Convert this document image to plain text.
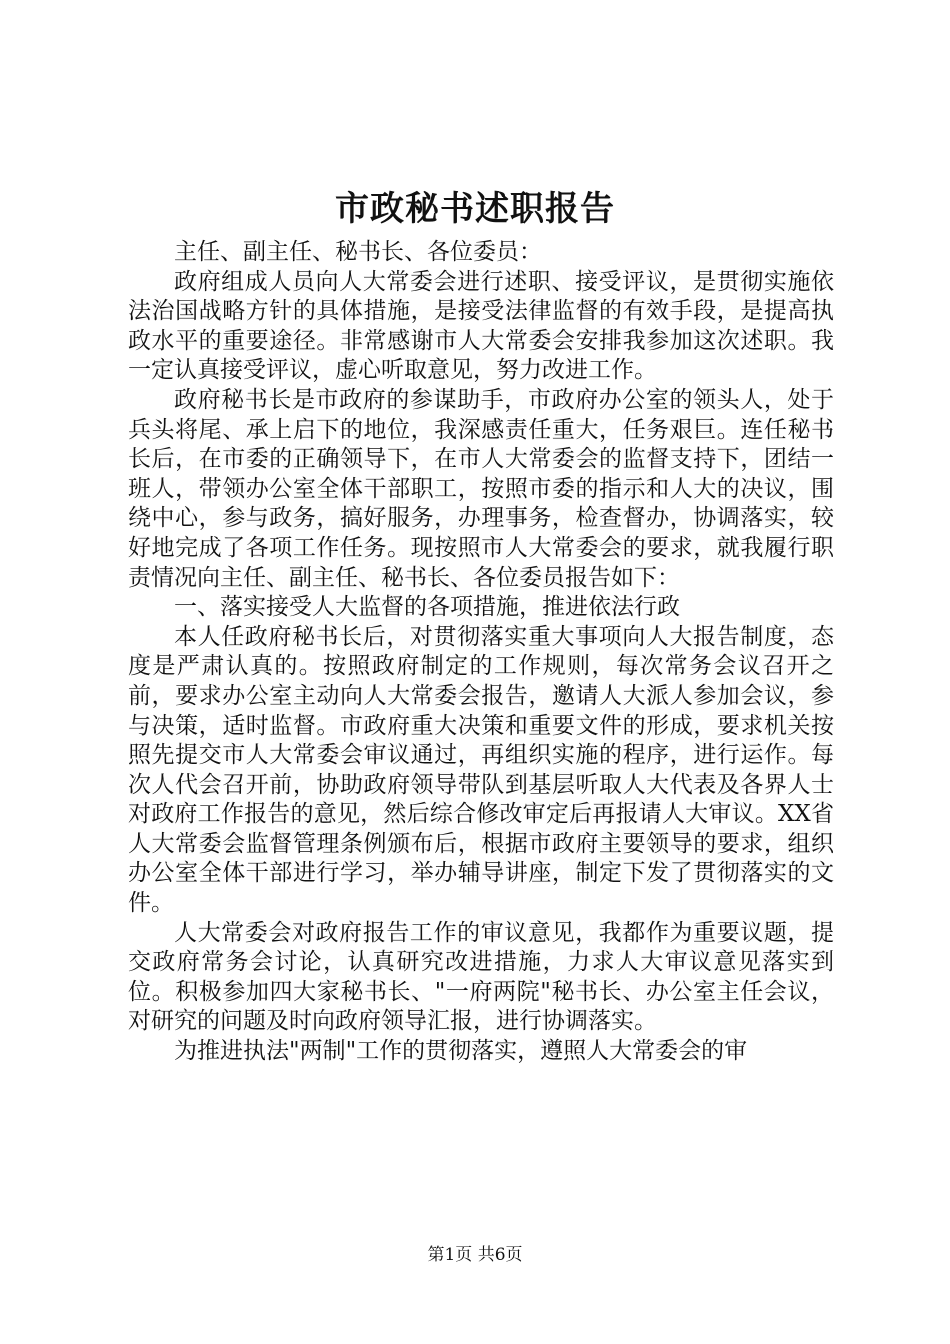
市政秘书述职报告

主任、副主任、秘书长、各位委员：

政府组成人员向人大常委会进行述职、接受评议，是贯彻实施依法治国战略方针的具体措施，是接受法律监督的有效手段，是提高执政水平的重要途径。非常感谢市人大常委会安排我参加这次述职。我一定认真接受评议，虚心听取意见，努力改进工作。

政府秘书长是市政府的参谋助手，市政府办公室的领头人，处于兵头将尾、承上启下的地位，我深感责任重大，任务艰巨。连任秘书长后，在市委的正确领导下，在市人大常委会的监督支持下，团结一班人，带领办公室全体干部职工，按照市委的指示和人大的决议，围绕中心，参与政务，搞好服务，办理事务，检查督办，协调落实，较好地完成了各项工作任务。现按照市人大常委会的要求，就我履行职责情况向主任、副主任、秘书长、各位委员报告如下：

一、落实接受人大监督的各项措施，推进依法行政

本人任政府秘书长后，对贯彻落实重大事项向人大报告制度，态度是严肃认真的。按照政府制定的工作规则，每次常务会议召开之前，要求办公室主动向人大常委会报告，邀请人大派人参加会议，参与决策，适时监督。市政府重大决策和重要文件的形成，要求机关按照先提交市人大常委会审议通过，再组织实施的程序，进行运作。每次人代会召开前，协助政府领导带队到基层听取人大代表及各界人士对政府工作报告的意见，然后综合修改审定后再报请人大审议。XX省人大常委会监督管理条例颁布后，根据市政府主要领导的要求，组织办公室全体干部进行学习，举办辅导讲座，制定下发了贯彻落实的文件。

人大常委会对政府报告工作的审议意见，我都作为重要议题，提交政府常务会讨论，认真研究改进措施，力求人大审议意见落实到位。积极参加四大家秘书长、"一府两院"秘书长、办公室主任会议，对研究的问题及时向政府领导汇报，进行协调落实。

为推进执法"两制"工作的贯彻落实，遵照人大常委会的审

第1页 共6页
